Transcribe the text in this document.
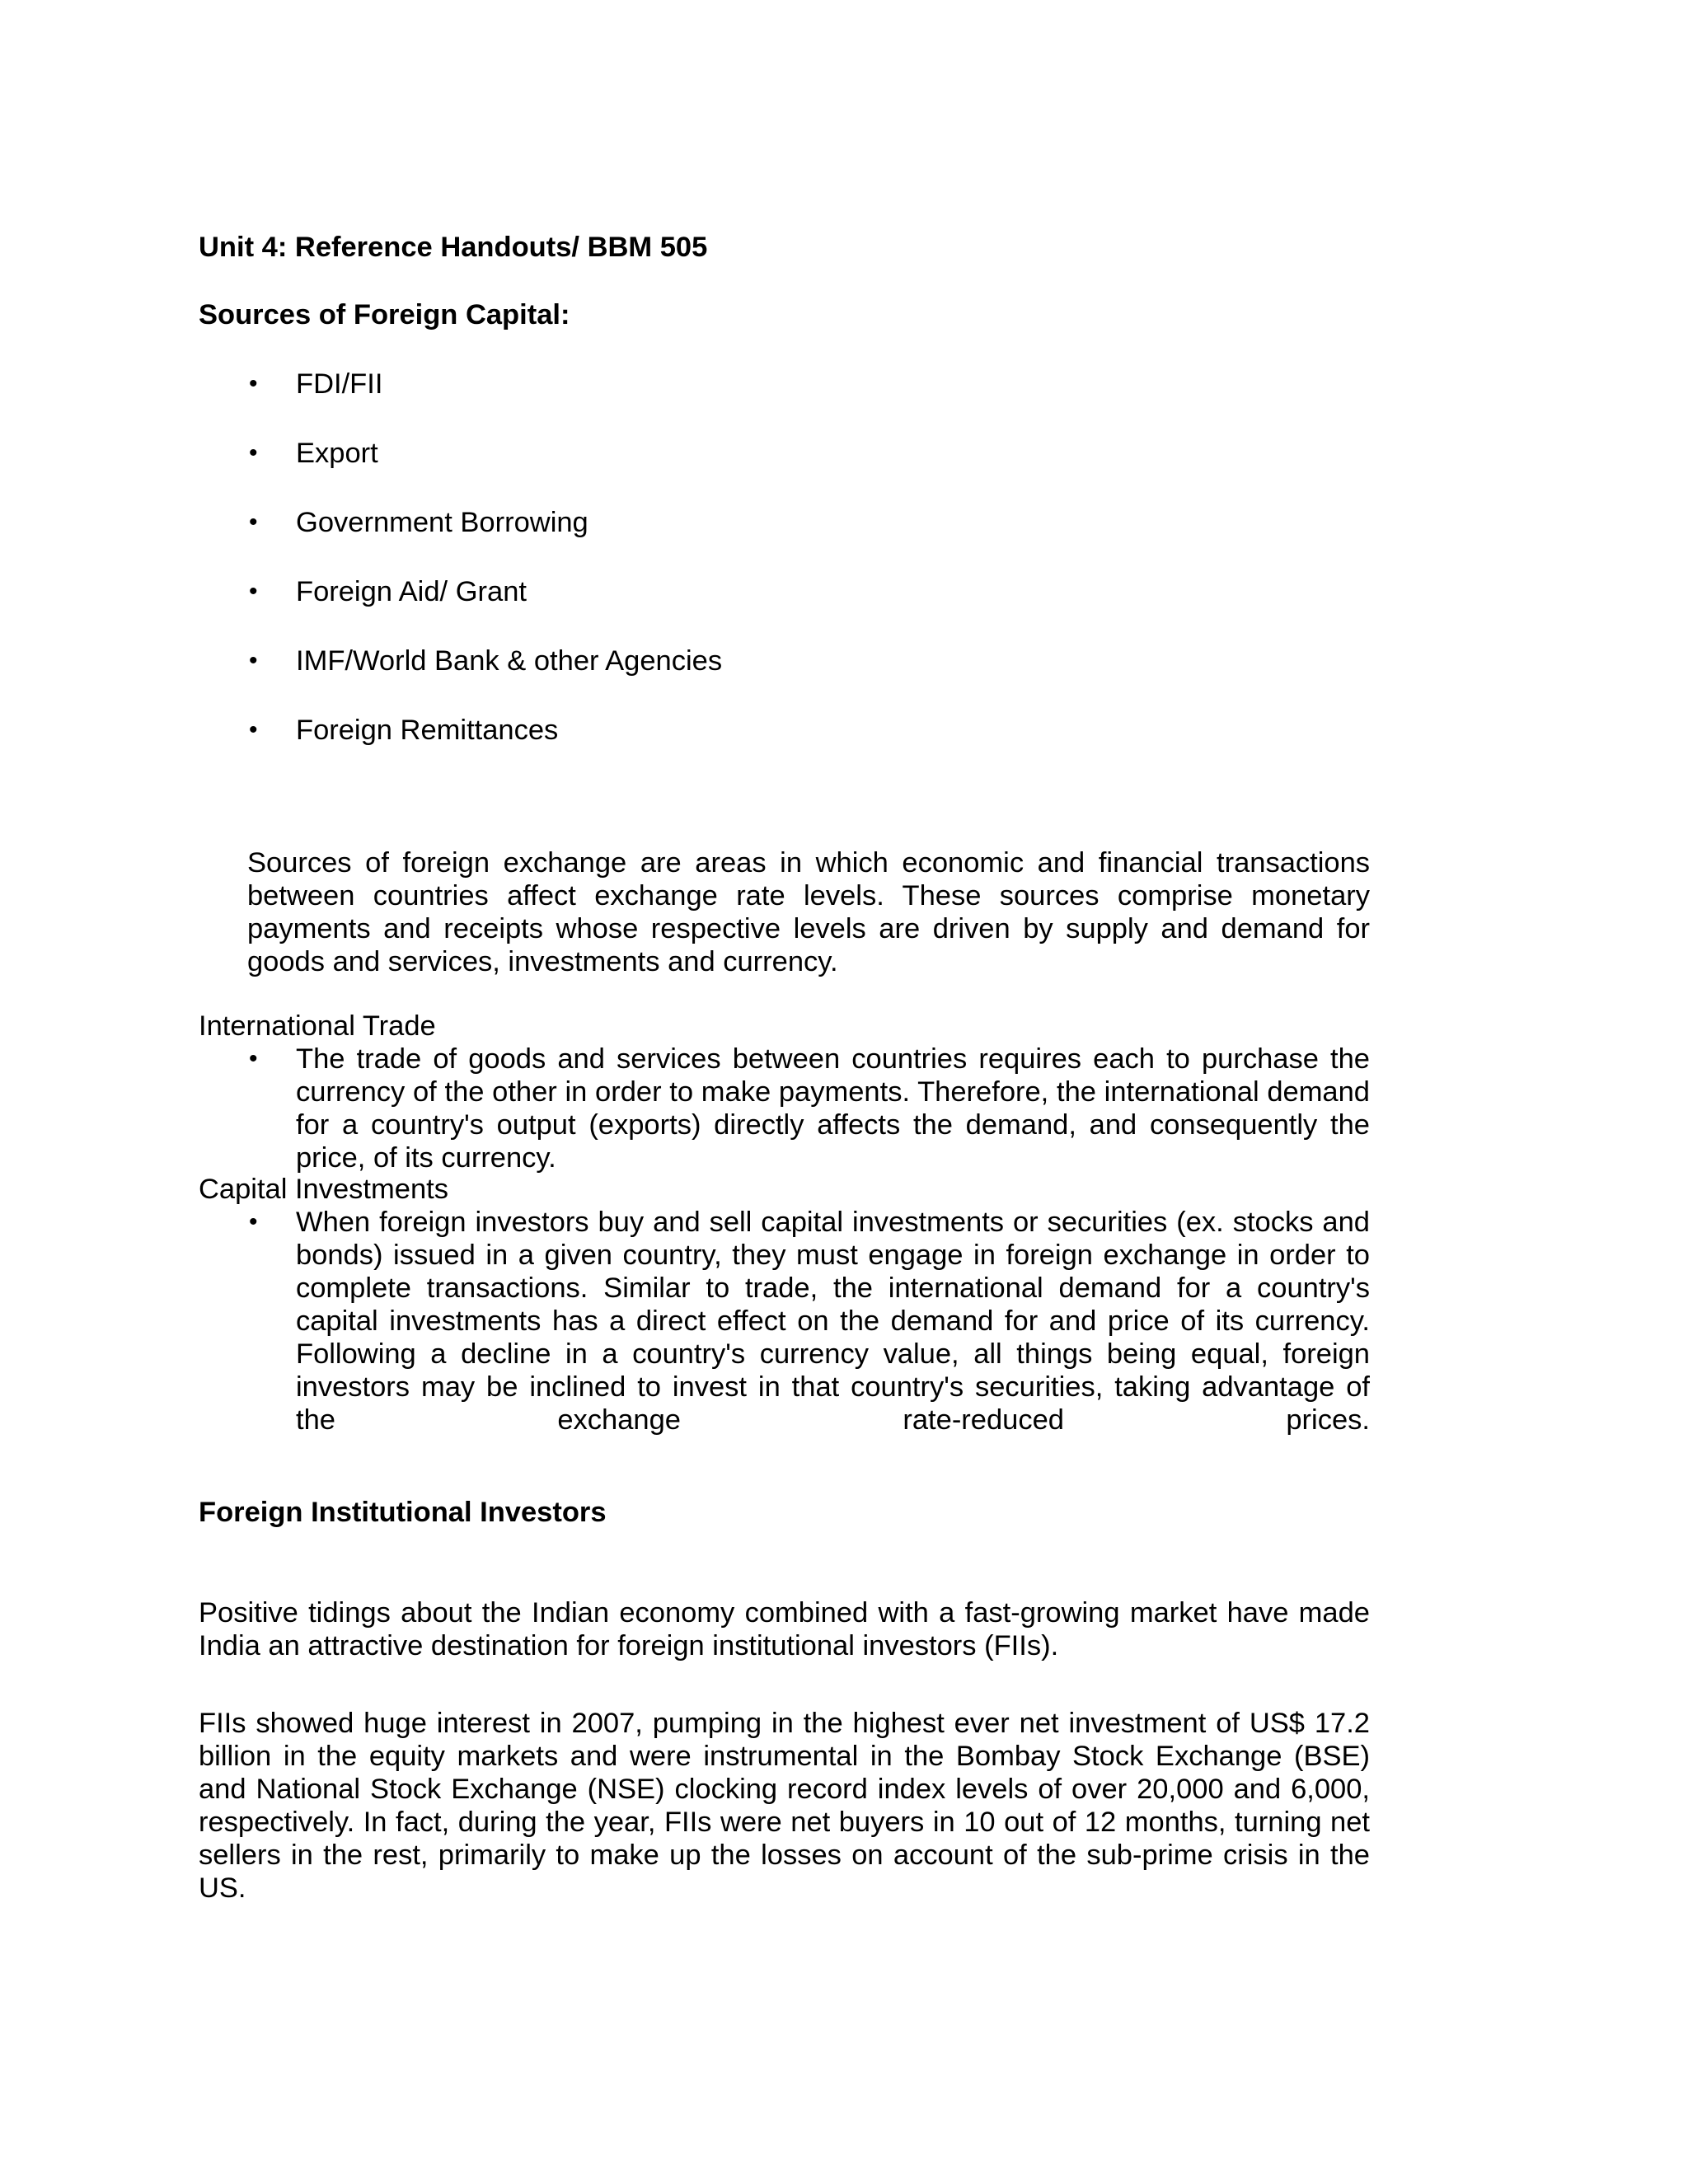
Unit 4: Reference Handouts/ BBM 505
Sources of Foreign Capital:
• FDI/FII
• Export
• Government Borrowing
• Foreign Aid/ Grant
• IMF/World Bank & other Agencies
• Foreign Remittances
Sources of foreign exchange are areas in which economic and financial transactions between countries affect exchange rate levels. These sources comprise monetary payments and receipts whose respective levels are driven by supply and demand for goods and services, investments and currency.
International Trade
• The trade of goods and services between countries requires each to purchase the currency of the other in order to make payments. Therefore, the international demand for a country's output (exports) directly affects the demand, and consequently the price, of its currency.
Capital Investments
• When foreign investors buy and sell capital investments or securities (ex. stocks and bonds) issued in a given country, they must engage in foreign exchange in order to complete transactions. Similar to trade, the international demand for a country's capital investments has a direct effect on the demand for and price of its currency. Following a decline in a country's currency value, all things being equal, foreign investors may be inclined to invest in that country's securities, taking advantage of the exchange rate-reduced prices.
Foreign Institutional Investors
Positive tidings about the Indian economy combined with a fast-growing market have made India an attractive destination for foreign institutional investors (FIIs).
FIIs showed huge interest in 2007, pumping in the highest ever net investment of US$ 17.2 billion in the equity markets and were instrumental in the Bombay Stock Exchange (BSE) and National Stock Exchange (NSE) clocking record index levels of over 20,000 and 6,000, respectively. In fact, during the year, FIIs were net buyers in 10 out of 12 months, turning net sellers in the rest, primarily to make up the losses on account of the sub-prime crisis in the US.
